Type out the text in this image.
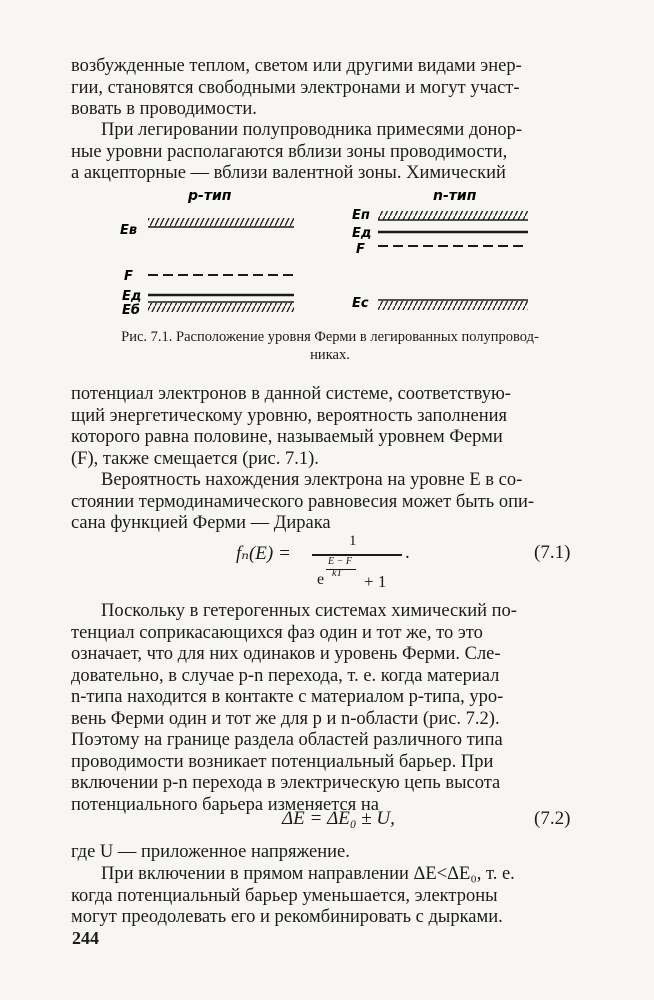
возбужденные теплом, светом или другими видами энер-
гии, становятся свободными электронами и могут участ-
вовать в проводимости.

При легировании полупроводника примесями донор-
ные уровни располагаются вблизи зоны проводимости,
а акцепторные — вблизи валентной зоны. Химический

p-тип
Eв
F
Eд
Eб
n-тип
Eп
Eд
F
Eс

Рис. 7.1. Расположение уровня Ферми в легированных полупровод-
никах.

потенциал электронов в данной системе, соответствую-
щий энергетическому уровню, вероятность заполнения
которого равна половине, называемый уровнем Ферми
(F), также смещается (рис. 7.1).

Вероятность нахождения электрона на уровне E в со-
стоянии термодинамического равновесия может быть опи-
сана функцией Ферми — Дирака

fₙ(E) =
1
E − F
kT
e + 1
.	(7.1)

Поскольку в гетерогенных системах химический по-
тенциал соприкасающихся фаз один и тот же, то это
означает, что для них одинаков и уровень Ферми. Сле-
довательно, в случае p-n перехода, т. е. когда материал
n-типа находится в контакте с материалом p-типа, уро-
вень Ферми один и тот же для p и n-области (рис. 7.2).
Поэтому на границе раздела областей различного типа
проводимости возникает потенциальный барьер. При
включении p-n перехода в электрическую цепь высота
потенциального барьера изменяется на

ΔE = ΔE₀ ± U,	(7.2)

где U — приложенное напряжение.

При включении в прямом направлении ΔE<ΔE₀, т. е.
когда потенциальный барьер уменьшается, электроны
могут преодолевать его и рекомбинировать с дырками.

244
